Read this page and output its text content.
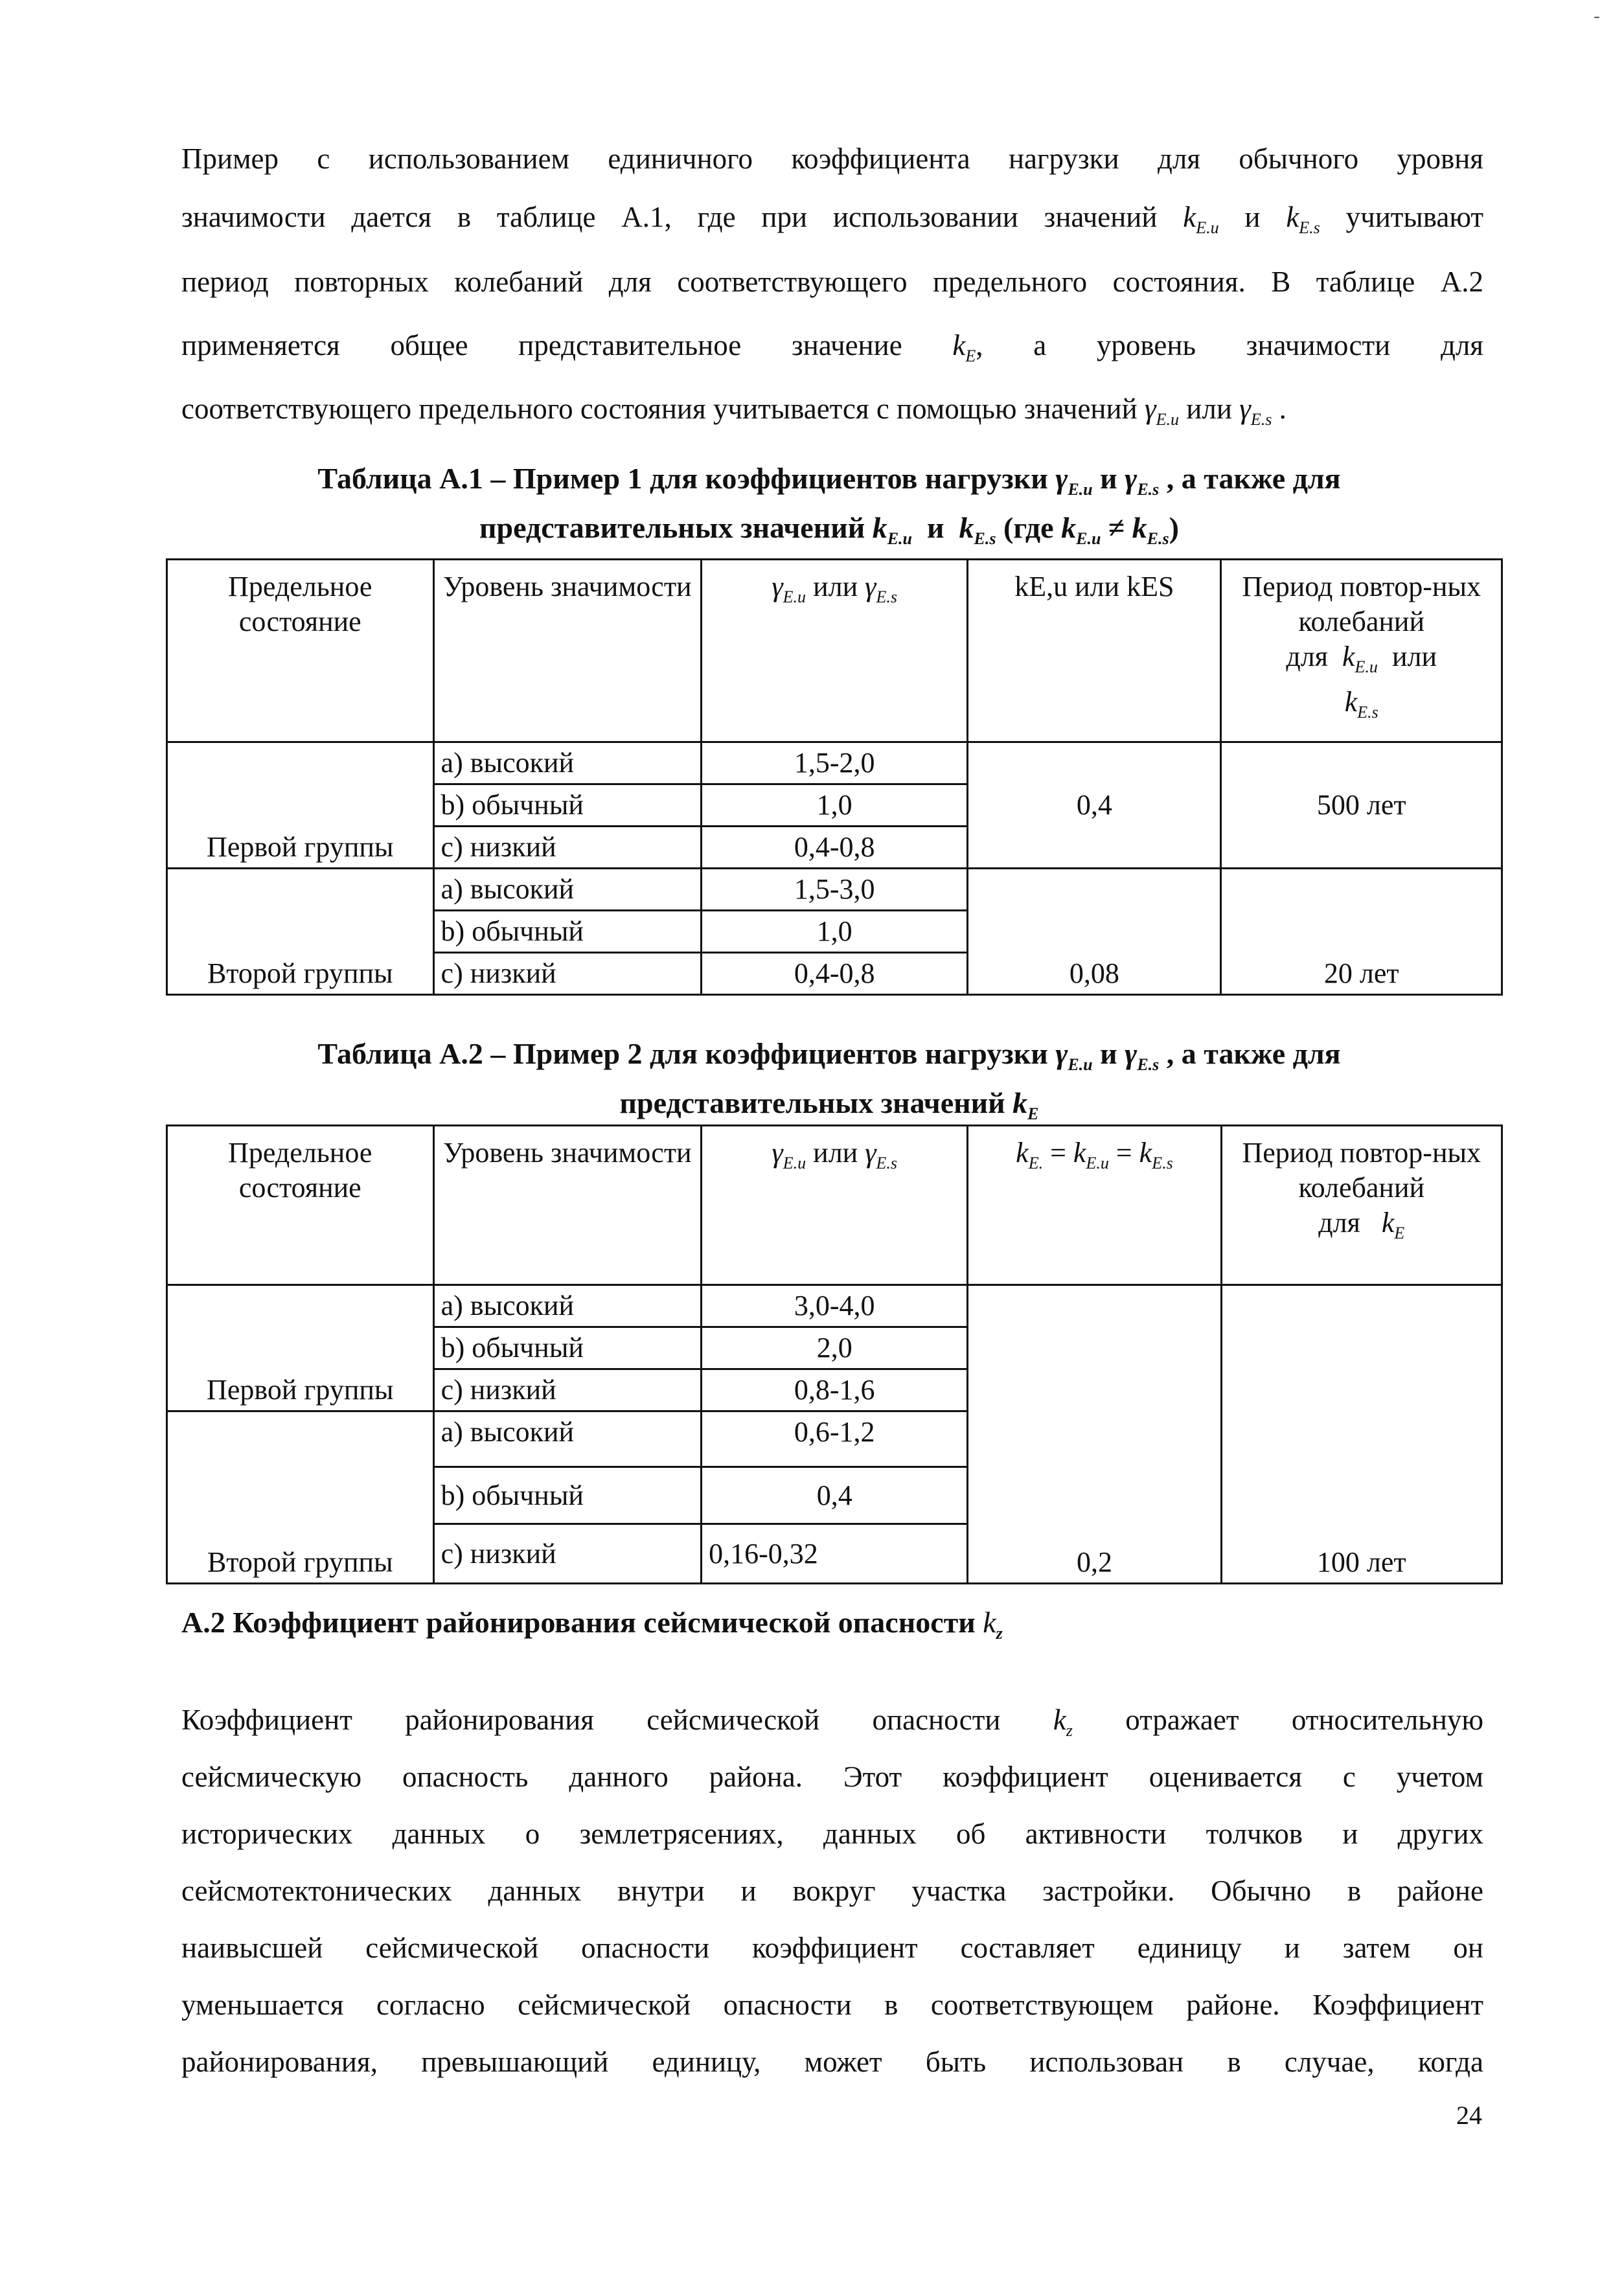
Пример с использованием единичного коэффициента нагрузки для обычного уровня

значимости дается в таблице А.1, где при использовании значений $k_{E.u}$ и $k_{E.s}$ учитывают

период повторных колебаний для соответствующего предельного состояния. В таблице А.2

применяется общее представительное значение $k_E$, а уровень значимости для

соответствующего предельного состояния учитывается с помощью значений $\gamma_{E.u}$ или $\gamma_{E.s}$ .

Таблица А.1 – Пример 1 для коэффициентов нагрузки $\gamma_{E.u}$ и $\gamma_{E.s}$ , а также для

представительных значений $k_{E.u}$ и $k_{E.s}$ (где $k_{E.u} \ne k_{E.s}$)

Предельное состояние	Уровень значимости	$\gamma_{E.u}$ или $\gamma_{E.s}$	kE,u или kES	Период повтор-ных колебаний
для $k_{E.u}$ или
$k_{E.s}$
Первой группы	a) высокий	1,5-2,0	0,4	500 лет
	b) обычный	1,0		
	c) низкий	0,4-0,8		
Второй группы	a) высокий	1,5-3,0	0,08	20 лет
	b) обычный	1,0		
	c) низкий	0,4-0,8		

Таблица А.2 – Пример 2 для коэффициентов нагрузки $\gamma_{E.u}$ и $\gamma_{E.s}$ , а также для

представительных значений $k_E$

Предельное состояние	Уровень значимости	$\gamma_{E.u}$ или $\gamma_{E.s}$	$k_{E.} = k_{E.u} = k_{E.s}$	Период повтор-ных колебаний
для $k_E$
Первой группы	a) высокий	3,0-4,0	0,2	100 лет
	b) обычный	2,0		
	c) низкий	0,8-1,6		
Второй группы	a) высокий	0,6-1,2		
	b) обычный	0,4		
	c) низкий	0,16-0,32		

А.2 Коэффициент районирования сейсмической опасности $k_z$

Коэффициент районирования сейсмической опасности $k_z$ отражает относительную

сейсмическую опасность данного района. Этот коэффициент оценивается с учетом

исторических данных о землетрясениях, данных об активности толчков и других

сейсмотектонических данных внутри и вокруг участка застройки. Обычно в районе

наивысшей сейсмической опасности коэффициент составляет единицу и затем он

уменьшается согласно сейсмической опасности в соответствующем районе. Коэффициент

районирования, превышающий единицу, может быть использован в случае, когда

24
-
